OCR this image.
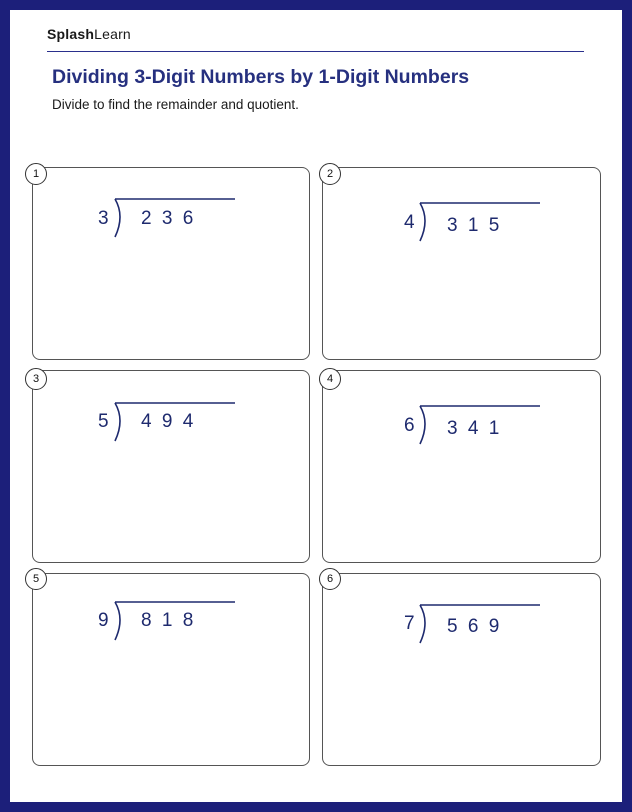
SplashLearn
Dividing 3-Digit Numbers by 1-Digit Numbers
Divide to find the remainder and quotient.
1
3 2 3 6
2
4 3 1 5
3
5 4 9 4
4
6 3 4 1
5
9 8 1 8
6
7 5 6 9
